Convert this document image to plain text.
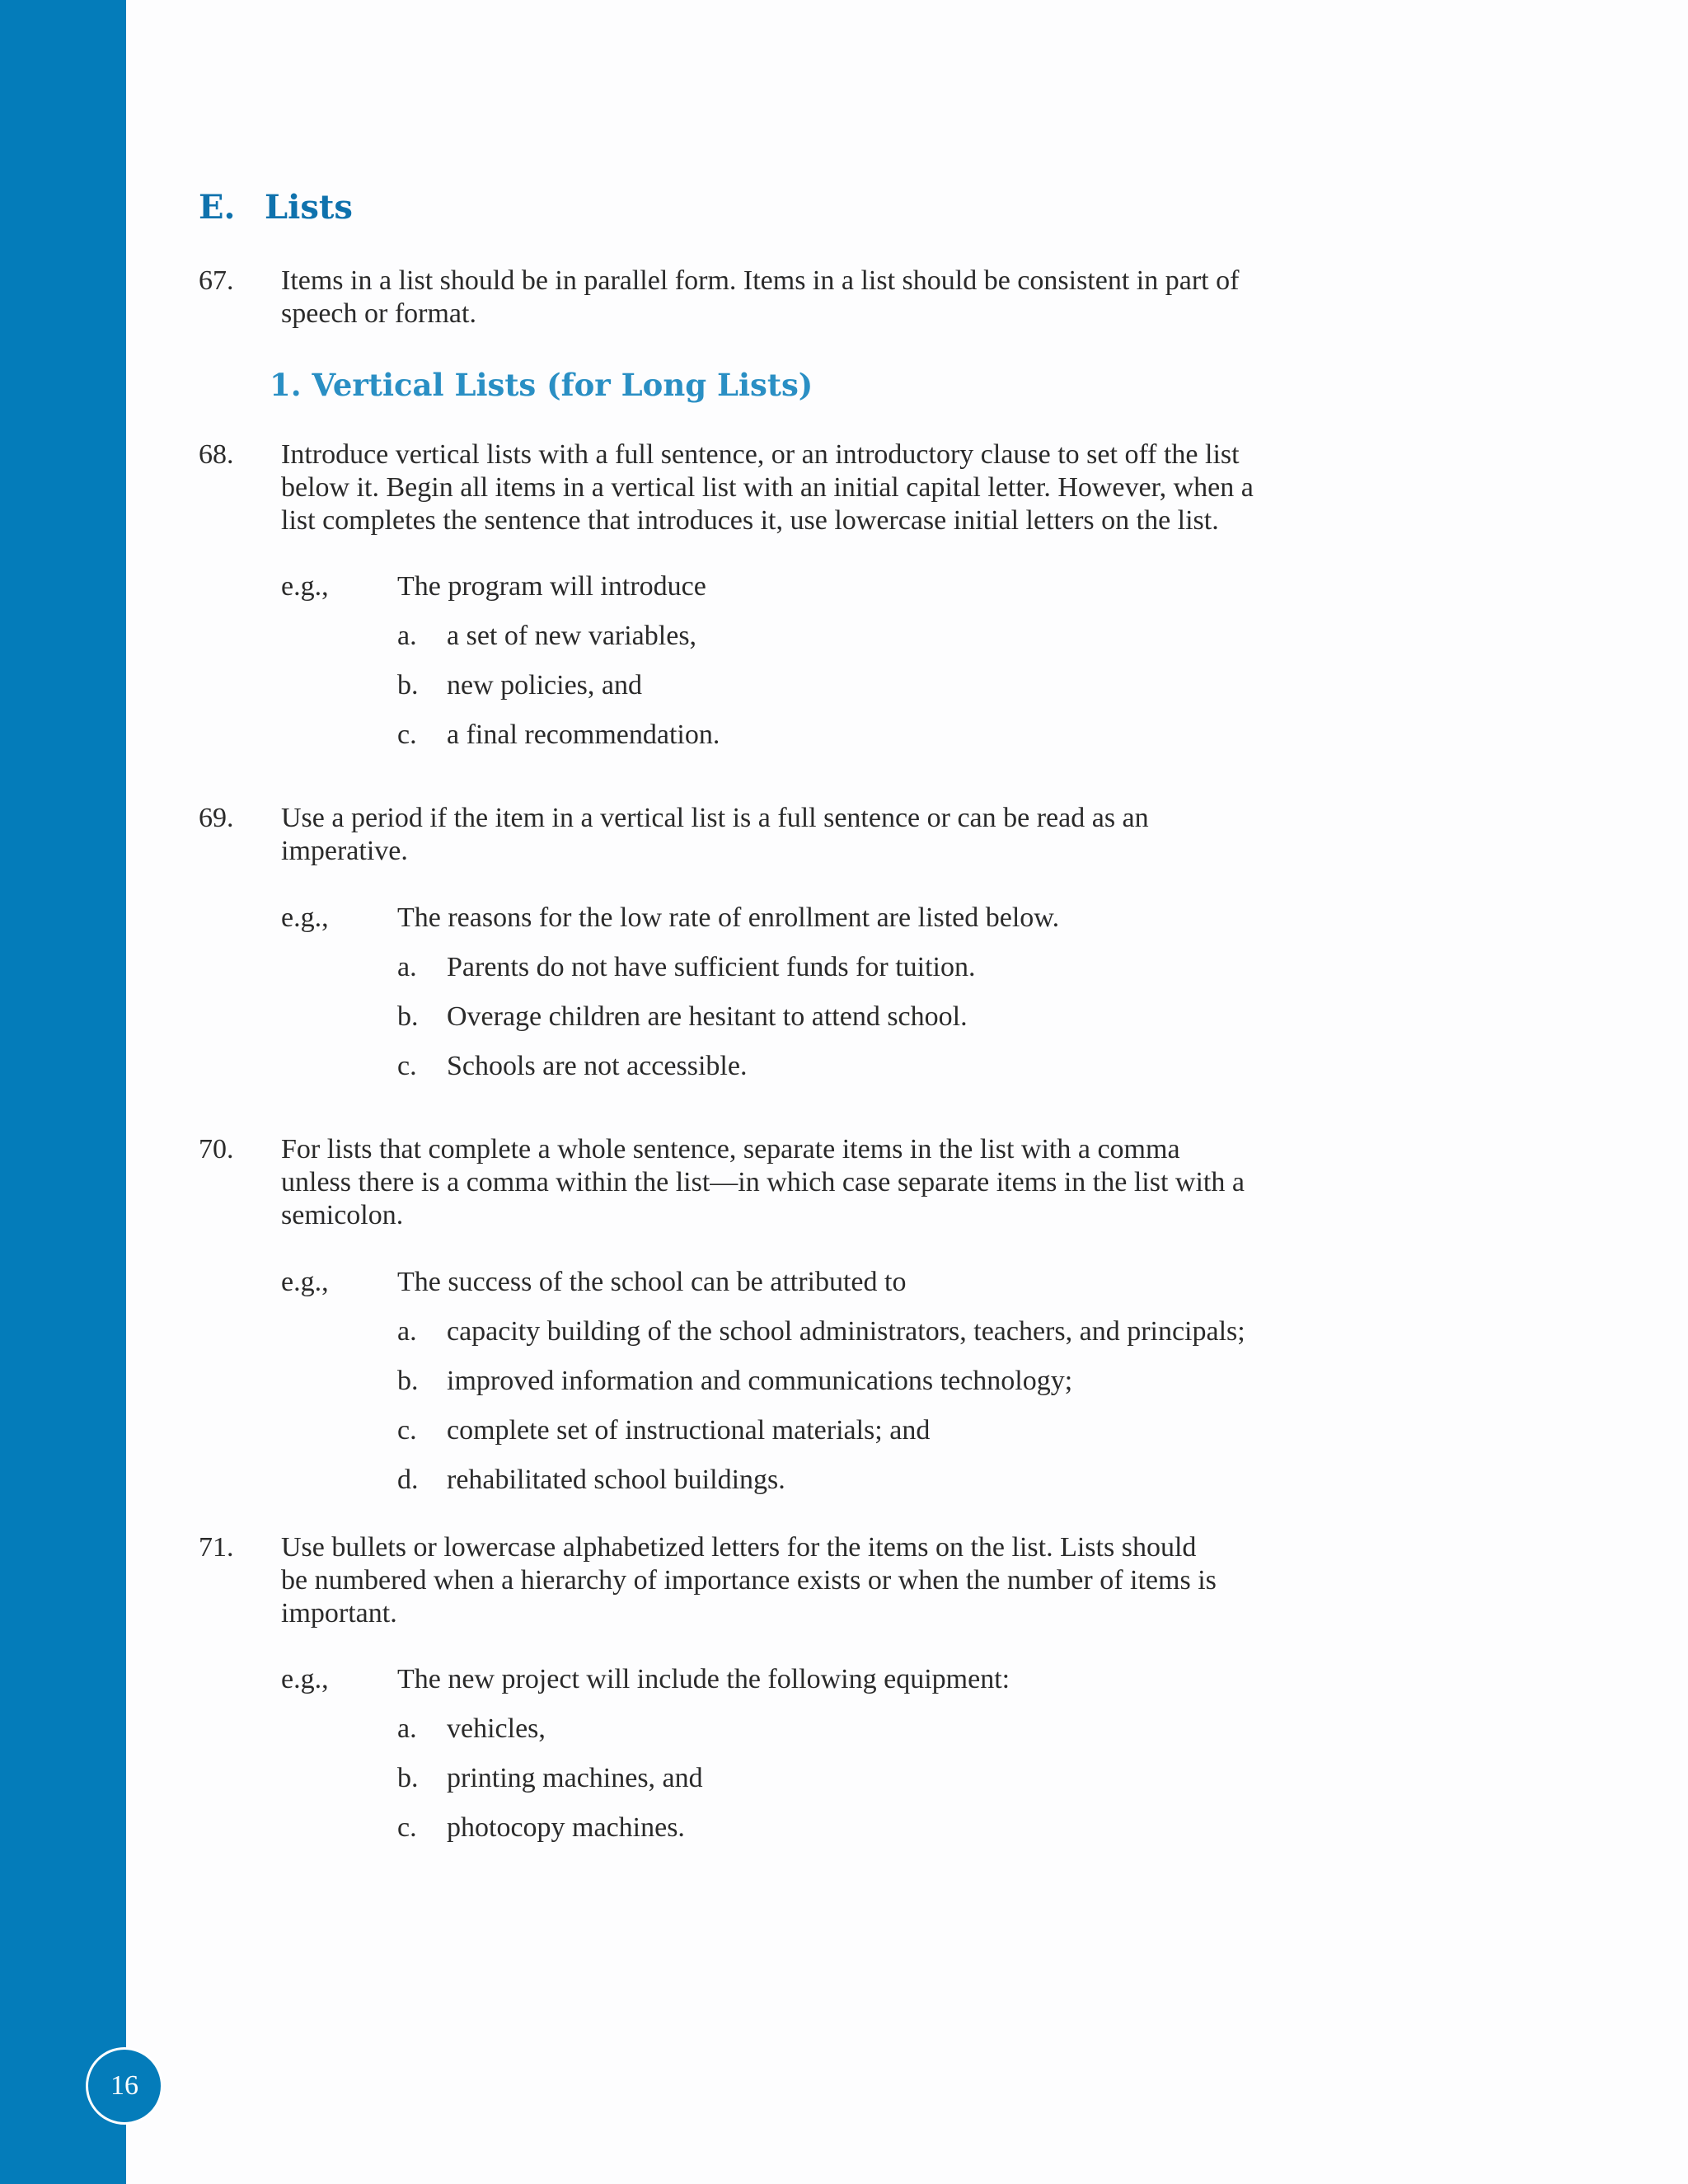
16
E. Lists
67. Items in a list should be in parallel form. Items in a list should be consistent in part of
speech or format.
1. Vertical Lists (for Long Lists)
68. Introduce vertical lists with a full sentence, or an introductory clause to set off the list
below it. Begin all items in a vertical list with an initial capital letter. However, when a
list completes the sentence that introduces it, use lowercase initial letters on the list.
e.g., The program will introduce
a. a set of new variables,
b. new policies, and
c. a final recommendation.
69. Use a period if the item in a vertical list is a full sentence or can be read as an
imperative.
e.g., The reasons for the low rate of enrollment are listed below.
a. Parents do not have sufficient funds for tuition.
b. Overage children are hesitant to attend school.
c. Schools are not accessible.
70. For lists that complete a whole sentence, separate items in the list with a comma
unless there is a comma within the list—in which case separate items in the list with a
semicolon.
e.g., The success of the school can be attributed to
a. capacity building of the school administrators, teachers, and principals;
b. improved information and communications technology;
c. complete set of instructional materials; and
d. rehabilitated school buildings.
71. Use bullets or lowercase alphabetized letters for the items on the list. Lists should
be numbered when a hierarchy of importance exists or when the number of items is
important.
e.g., The new project will include the following equipment:
a. vehicles,
b. printing machines, and
c. photocopy machines.
